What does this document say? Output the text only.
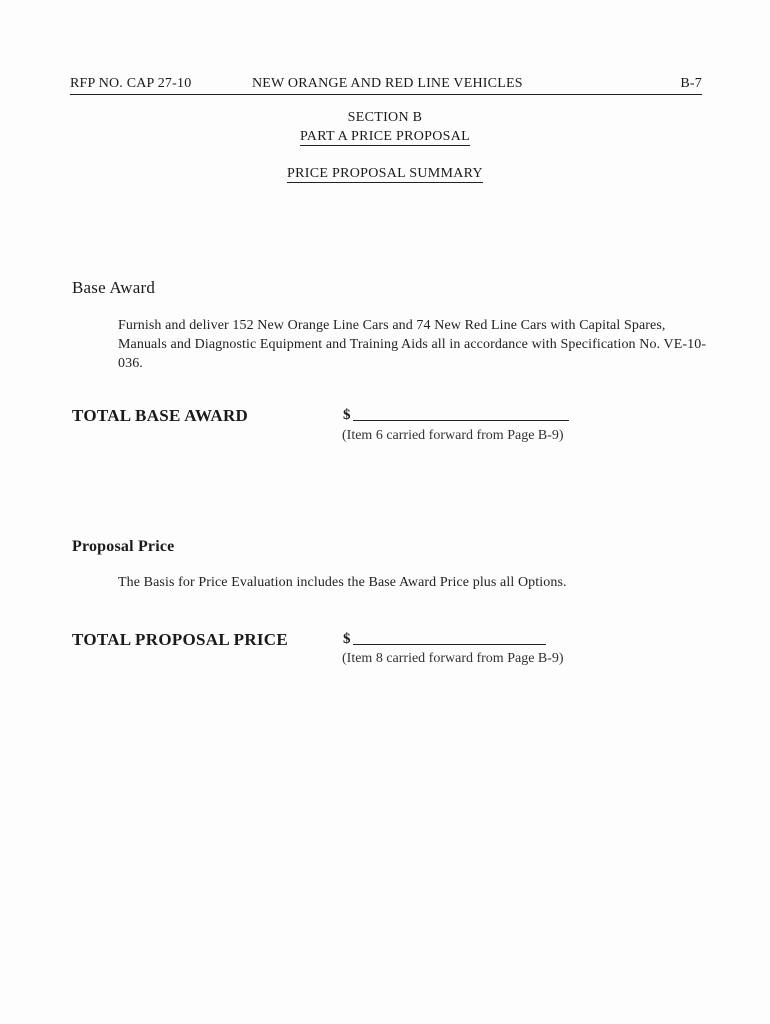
RFP NO. CAP 27-10	NEW ORANGE AND RED LINE VEHICLES	B-7
SECTION B
PART A PRICE PROPOSAL
PRICE PROPOSAL SUMMARY
Base Award
Furnish and deliver 152 New Orange Line Cars and 74 New Red Line Cars with Capital Spares, Manuals and Diagnostic Equipment and Training Aids all in accordance with Specification No. VE-10-036.
TOTAL BASE AWARD	$
(Item 6 carried forward from Page B-9)
Proposal Price
The Basis for Price Evaluation includes the Base Award Price plus all Options.
TOTAL PROPOSAL PRICE	$
(Item 8 carried forward from Page B-9)
